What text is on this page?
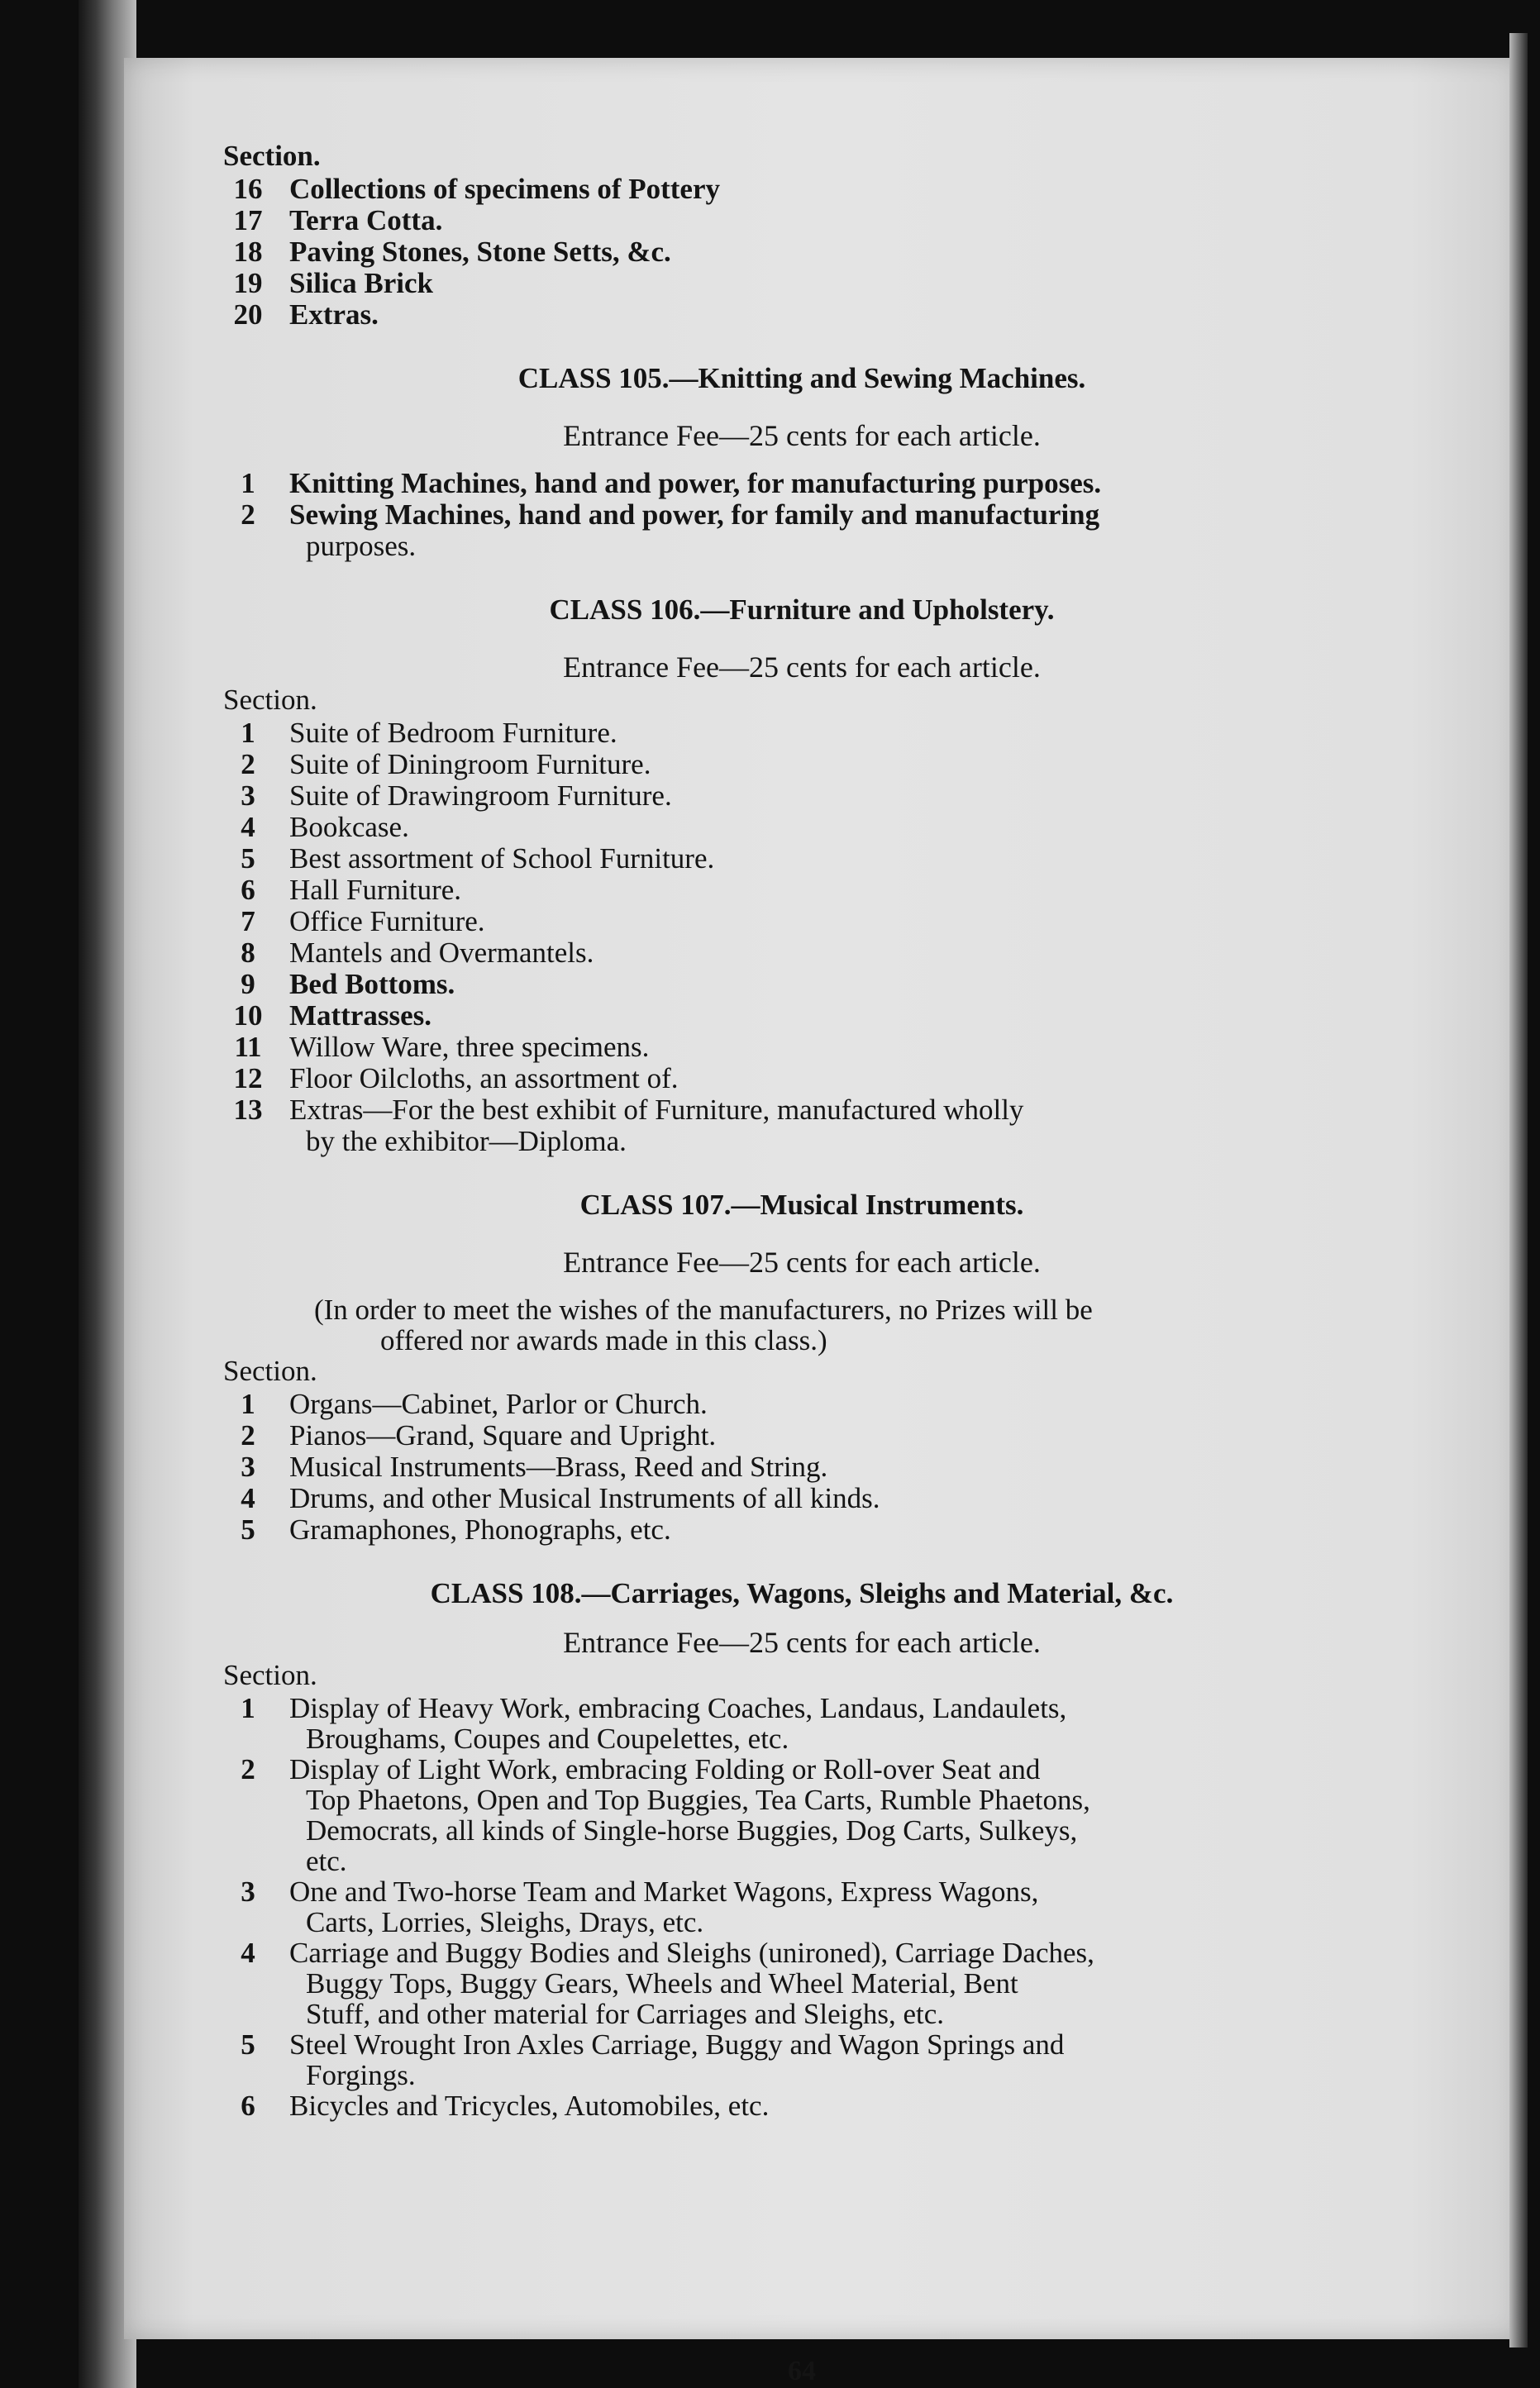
Section.
16 Collections of specimens of Pottery
17 Terra Cotta.
18 Paving Stones, Stone Setts, &c.
19 Silica Brick
20 Extras.
CLASS 105.—Knitting and Sewing Machines.
Entrance Fee—25 cents for each article.
1	Knitting Machines, hand and power, for manufacturing purposes.
2	Sewing Machines, hand and power, for family and manufacturing
purposes.
CLASS 106.—Furniture and Upholstery.
Entrance Fee—25 cents for each article.
Section.
1	Suite of Bedroom Furniture.
2	Suite of Diningroom Furniture.
3	Suite of Drawingroom Furniture.
4	Bookcase.
5	Best assortment of School Furniture.
6	Hall Furniture.
7	Office Furniture.
8	Mantels and Overmantels.
9	Bed Bottoms.
10 Mattrasses.
11 Willow Ware, three specimens.
12 Floor Oilcloths, an assortment of.
13 Extras—For the best exhibit of Furniture, manufactured wholly
by the exhibitor—Diploma.
CLASS 107.—Musical Instruments.
Entrance Fee—25 cents for each article.
(In order to meet the wishes of the manufacturers, no Prizes will be
offered nor awards made in this class.)
Section.
1	Organs—Cabinet, Parlor or Church.
2	Pianos—Grand, Square and Upright.
3	Musical Instruments—Brass, Reed and String.
4	Drums, and other Musical Instruments of all kinds.
5	Gramaphones, Phonographs, etc.
CLASS 108.—Carriages, Wagons, Sleighs and Material, &c.
Entrance Fee—25 cents for each article.
Section.
1	Display of Heavy Work, embracing Coaches, Landaus, Landaulets,
Broughams, Coupes and Coupelettes, etc.
2	Display of Light Work, embracing Folding or Roll-over Seat and
Top Phaetons, Open and Top Buggies, Tea Carts, Rumble Phaetons,
Democrats, all kinds of Single-horse Buggies, Dog Carts, Sulkeys,
etc.
3	One and Two-horse Team and Market Wagons, Express Wagons,
Carts, Lorries, Sleighs, Drays, etc.
4	Carriage and Buggy Bodies and Sleighs (unironed), Carriage Daches,
Buggy Tops, Buggy Gears, Wheels and Wheel Material, Bent
Stuff, and other material for Carriages and Sleighs, etc.
5	Steel Wrought Iron Axles Carriage, Buggy and Wagon Springs and
Forgings.
6	Bicycles and Tricycles, Automobiles, etc.
64
